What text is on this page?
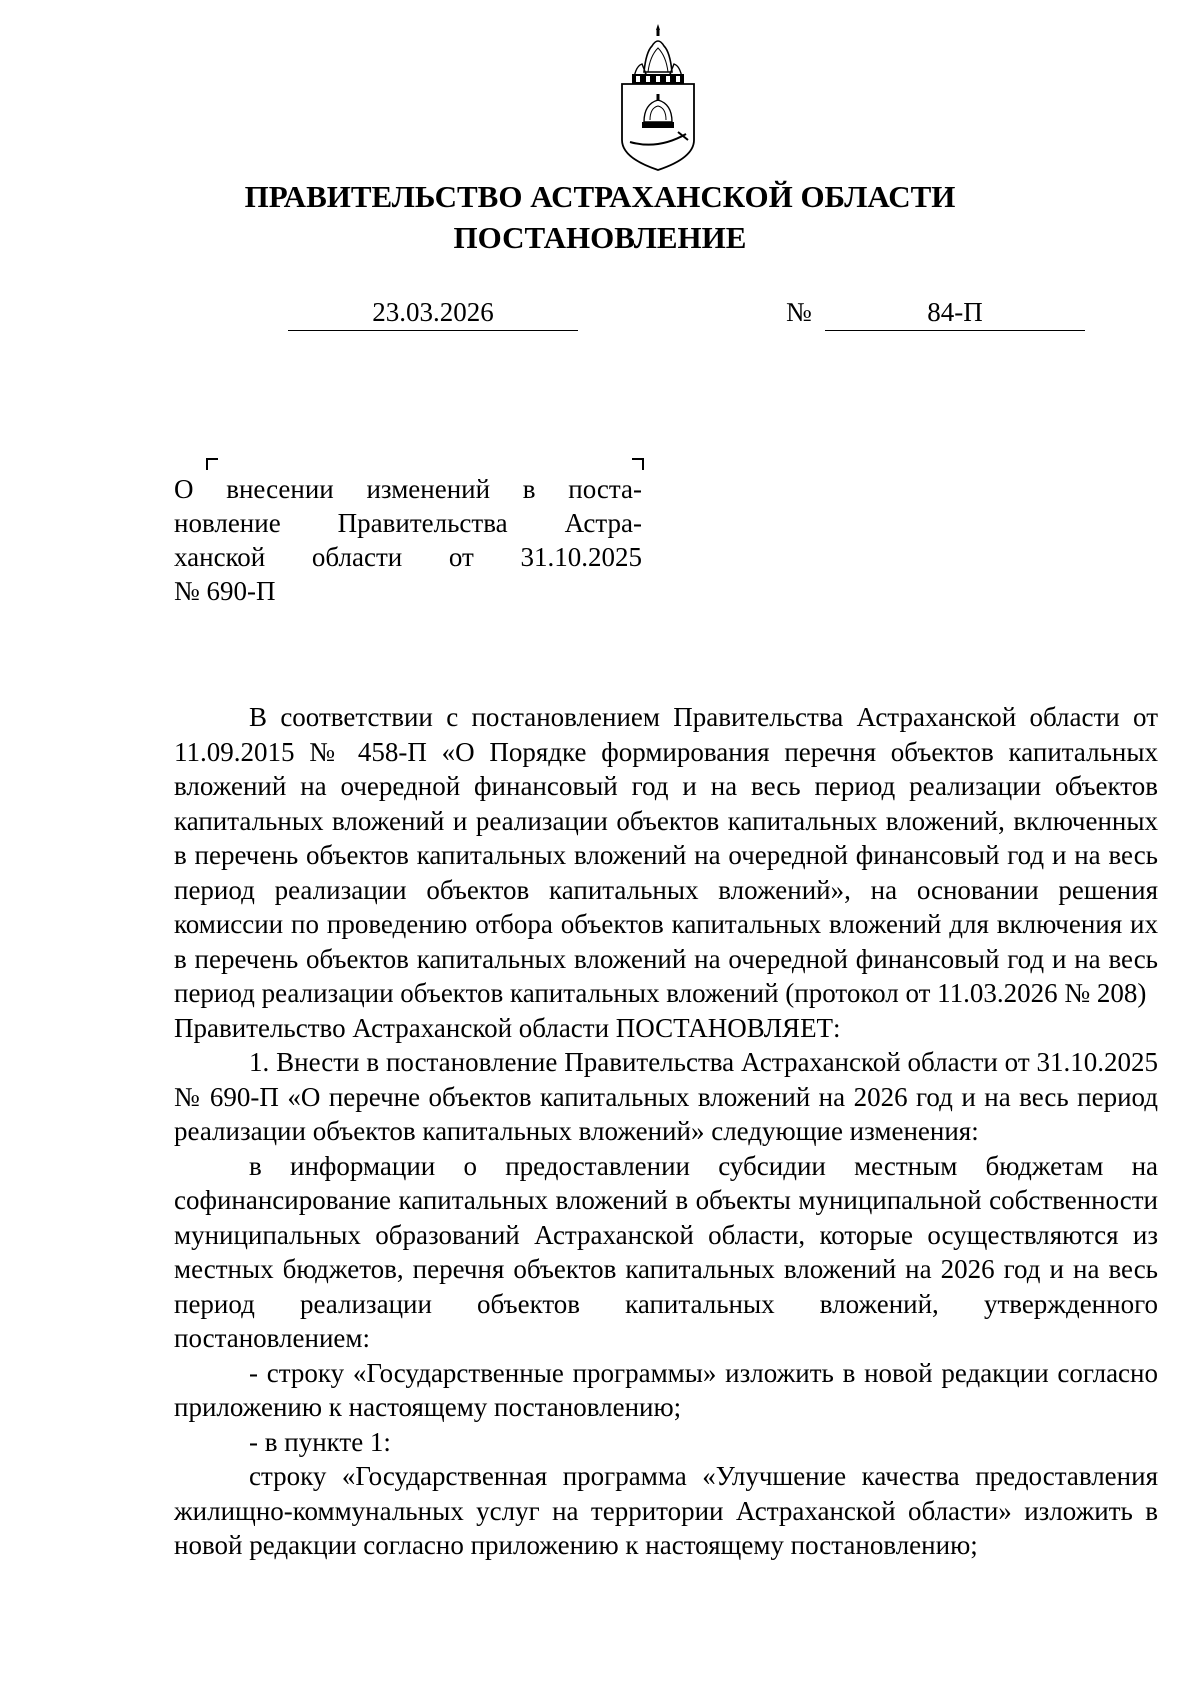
ПРАВИТЕЛЬСТВО АСТРАХАНСКОЙ ОБЛАСТИ
ПОСТАНОВЛЕНИЕ
23.03.2026	№	84-П
О внесении изменений в поста-
новление Правительства Астра-
ханской области от 31.10.2025
№ 690-П

В соответствии с постановлением Правительства Астраханской области от 11.09.2015 № 458-П «О Порядке формирования перечня объектов капитальных вложений на очередной финансовый год и на весь период реализации объектов капитальных вложений и реализации объектов капитальных вложений, включенных в перечень объектов капитальных вложений на очередной финансовый год и на весь период реализации объектов капитальных вложений», на основании решения комиссии по проведению отбора объектов капитальных вложений для включения их в перечень объектов капитальных вложений на очередной финансовый год и на весь период реализации объектов капитальных вложений (протокол от 11.03.2026 № 208)

Правительство Астраханской области ПОСТАНОВЛЯЕТ:

1. Внести в постановление Правительства Астраханской области от 31.10.2025 № 690-П «О перечне объектов капитальных вложений на 2026 год и на весь период реализации объектов капитальных вложений» следующие изменения:

в информации о предоставлении субсидии местным бюджетам на софинансирование капитальных вложений в объекты муниципальной собственности муниципальных образований Астраханской области, которые осуществляются из местных бюджетов, перечня объектов капитальных вложений на 2026 год и на весь период реализации объектов капитальных вложений, утвержденного постановлением:

- строку «Государственные программы» изложить в новой редакции согласно приложению к настоящему постановлению;

- в пункте 1:

строку «Государственная программа «Улучшение качества предоставления жилищно-коммунальных услуг на территории Астраханской области» изложить в новой редакции согласно приложению к настоящему постановлению;
